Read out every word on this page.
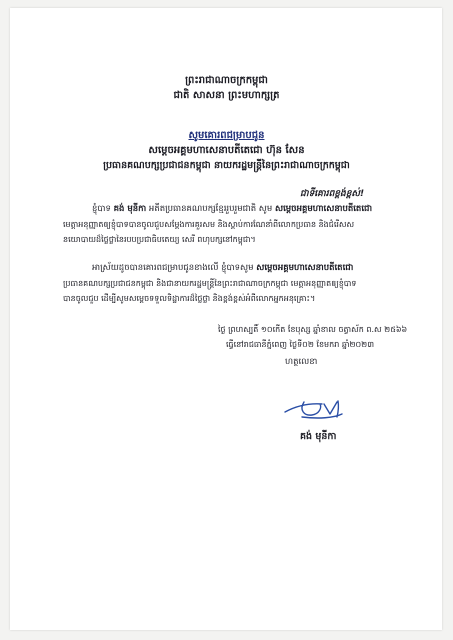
ព្រះរាជាណាចក្រកម្ពុជា
ជាតិ សាសនា ព្រះមហាក្សត្រ
សូមគោរពជម្រាបជូន
សម្តេចអគ្គមហាសេនាបតីតេជោ ហ៊ុន សែន
ប្រធានគណបក្សប្រជាជនកម្ពុជា នាយករដ្ឋមន្ត្រីនៃព្រះរាជាណាចក្រកម្ពុជា
ជាទីគោរពខ្ពង់ខ្ពស់!
ខ្ញុំបាទ គង់ មុនីកា អតីតប្រធានគណបក្សខ្មែររួបរួមជាតិ សូម សម្តេចអគ្គមហាសេនាបតីតេជោ
មេត្តាអនុញ្ញាតឲ្យខ្ញុំបាទបានចូលជួបសម្តែងការគួរសម និងស្តាប់ការណែនាំពីលោកប្រធាន និងជំរើសស
នយោបាយដ៏ថ្លៃថ្លានៃរបបប្រជាធិបតេយ្យ សេរី ពហុបក្សនៅកម្ពុជា។
អាស្រ័យដូចបានគោរពជម្រាបជូនខាងលើ ខ្ញុំបាទសូម សម្តេចអគ្គមហាសេនាបតីតេជោ
ប្រធានគណបក្សប្រជាជនកម្ពុជា និងជានាយករដ្ឋមន្ត្រីនៃព្រះរាជាណាចក្រកម្ពុជា មេត្តាអនុញ្ញាតឲ្យខ្ញុំបាទ
បានចូលជួប ដើម្បីសូមសម្តេចទទួលទិដ្ឋាការដ៏ថ្លៃថ្លា និងខ្ពង់ខ្ពស់អំពីលោកអ្នកអនុគ្រោះ។
ថ្ងៃ ព្រហស្បតិ៍ ១០កើត ខែបុស្ស ឆ្នាំខាល ចត្វាស័ក ព.ស ២៥៦៦
ធ្វើនៅរាជធានីភ្នំពេញ ថ្ងៃទី០២ ខែមករា ឆ្នាំ២០២៣
ហត្ថលេខា
គង់ មុនីកា
